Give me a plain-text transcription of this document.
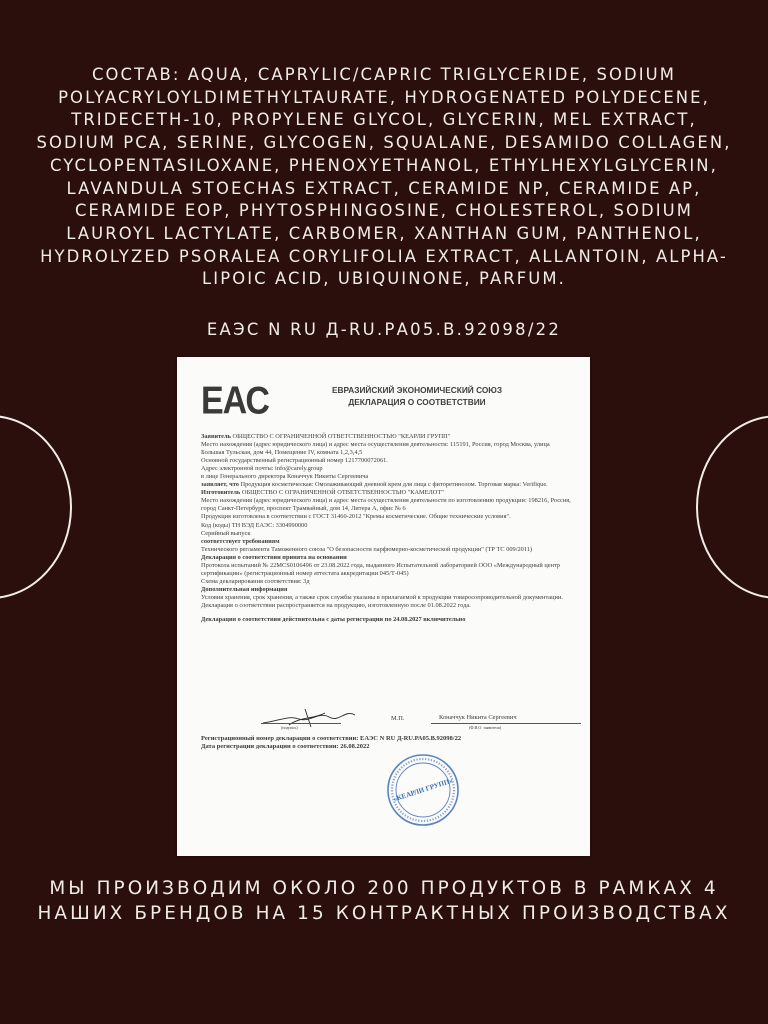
СОСТАВ: AQUA, CAPRYLIC/CAPRIC TRIGLYCERIDE, SODIUM POLYACRYLOYLDIMETHYLTAURATE, HYDROGENATED POLYDECENE, TRIDECETH-10, PROPYLENE GLYCOL, GLYCERIN, MEL EXTRACT, SODIUM PCA, SERINE, GLYCOGEN, SQUALANE, DESAMIDO COLLAGEN, CYCLOPENTASILOXANE, PHENOXYETHANOL, ETHYLHEXYLGLYCERIN, LAVANDULA STOECHAS EXTRACT, CERAMIDE NP, CERAMIDE AP, CERAMIDE EOP, PHYTOSPHINGOSINE, CHOLESTEROL, SODIUM LAUROYL LACTYLATE, CARBOMER, XANTHAN GUM, PANTHENOL, HYDROLYZED PSORALEA CORYLIFOLIA EXTRACT, ALLANTOIN, ALPHA-LIPOIC ACID, UBIQUINONE, PARFUM.
ЕАЭС N RU Д-RU.РА05.В.92098/22
ЕАС	ЕВРАЗИЙСКИЙ ЭКОНОМИЧЕСКИЙ СОЮЗ
ДЕКЛАРАЦИЯ О СООТВЕТСТВИИ

Заявитель ОБЩЕСТВО С ОГРАНИЧЕННОЙ ОТВЕТСТВЕННОСТЬЮ "КЕАРЛИ ГРУПП"

Место нахождения (адрес юридического лица) и адрес места осуществления деятельности: 115191, Россия, город Москва, улица Большая Тульская, дом 44, Помещение IV, комната 1,2,3,4,5

Основной государственный регистрационный номер 1217700072061.

Адрес электронной почты: info@carely.group

в лице Генерального директора Коначчук Никиты Сергеевича

заявляет, что Продукция косметическая: Омолаживающий дневной крем для лица с фиторетинолом. Торговая марка: Verifique.

Изготовитель ОБЩЕСТВО С ОГРАНИЧЕННОЙ ОТВЕТСТВЕННОСТЬЮ "КАМЕЛОТ"

Место нахождения (адрес юридического лица) и адрес места осуществления деятельности по изготовлению продукции: 198216, Россия, город Санкт-Петербург, проспект Трамвайный, дом 14, Литера А, офис № 6

Продукция изготовлена в соответствии с ГОСТ 31460-2012 "Кремы косметические. Общие технические условия".

Код (коды) ТН ВЭД ЕАЭС: 3304990000

Серийный выпуск

соответствует требованиям

Технического регламента Таможенного союза "О безопасности парфюмерно-косметической продукции" (ТР ТС 009/2011)

Декларация о соответствии принята на основании

Протокола испытаний № 22MCS0106496 от 23.08.2022 года, выданного Испытательной лабораторией ООО «Международный центр сертификации» (регистрационный номер аттестата аккредитации 045/Т-045)

Схема декларирования соответствия: 3д

Дополнительная информация

Условия хранения, срок хранения, а также срок службы указаны в прилагаемой к продукции товаросопроводительной документации. Декларация о соответствии распространяется на продукцию, изготовленную после 01.08.2022 года.

Декларация о соответствии действительна с даты регистрации по 24.08.2027 включительно

М.П.	Коначчук Никита Сергеевич
(подпись)	(Ф.И.О. заявителя)
Регистрационный номер декларации о соответствии: ЕАЭС N RU Д-RU.РА05.В.92098/22
Дата регистрации декларации о соответствии: 26.08.2022
«КЕАРЛИ ГРУПП»
МЫ ПРОИЗВОДИМ ОКОЛО 200 ПРОДУКТОВ В РАМКАХ 4
НАШИХ БРЕНДОВ НА 15 КОНТРАКТНЫХ ПРОИЗВОДСТВАХ
